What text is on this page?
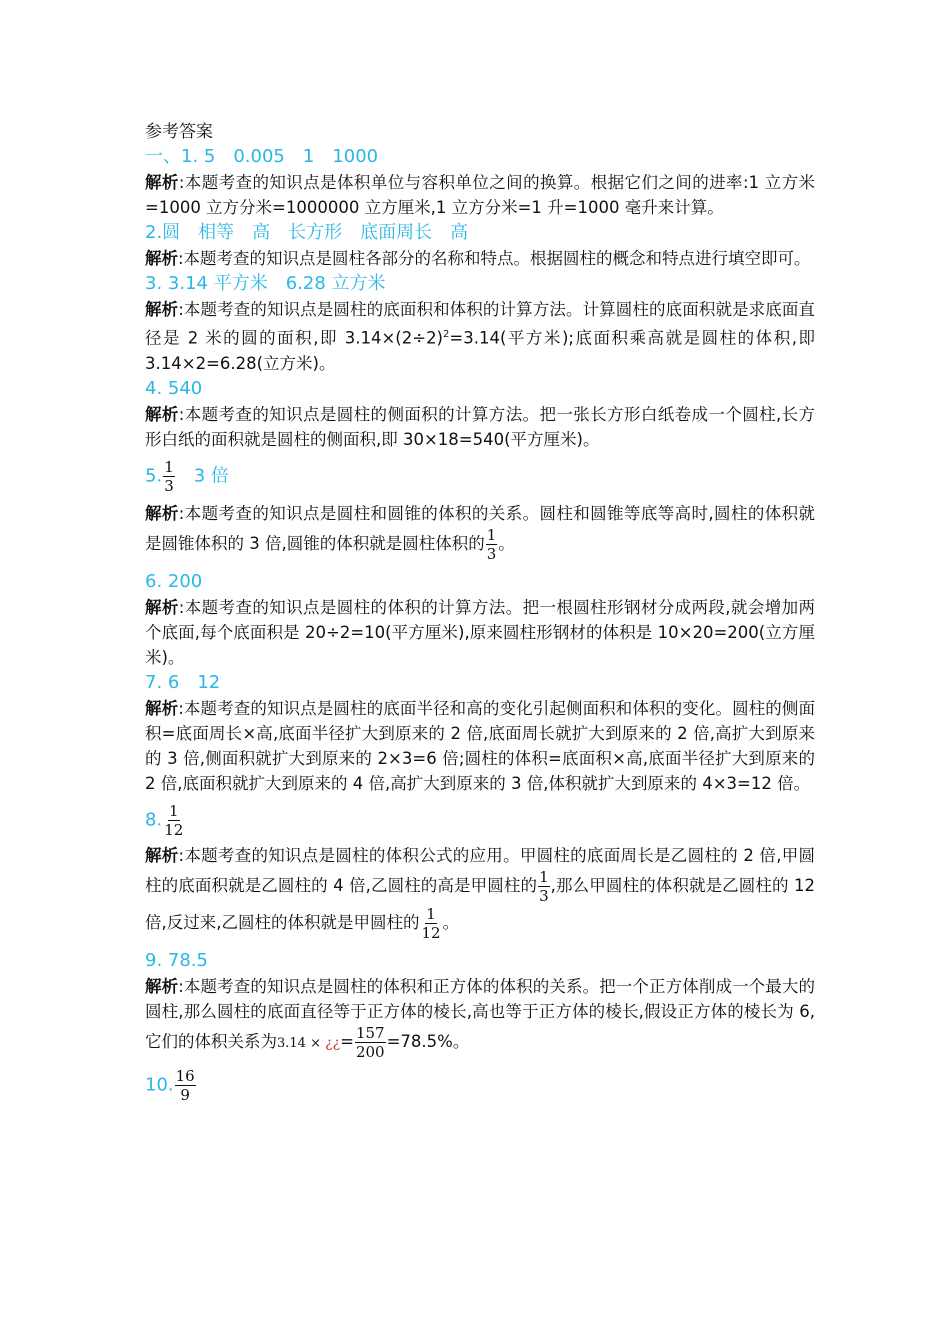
参考答案

一、1. 5　0.005　1　1000

解析:本题考查的知识点是体积单位与容积单位之间的换算。根据它们之间的进率:1 立方米=1000 立方分米=1000000 立方厘米,1 立方分米=1 升=1000 毫升来计算。

2.圆　相等　高　长方形　底面周长　高

解析:本题考查的知识点是圆柱各部分的名称和特点。根据圆柱的概念和特点进行填空即可。

3. 3.14 平方米　6.28 立方米

解析:本题考查的知识点是圆柱的底面积和体积的计算方法。计算圆柱的底面积就是求底面直径是 2 米的圆的面积,即 $3.14\times(2\div 2)^2=3.14$(平方米);底面积乘高就是圆柱的体积,即 3.14×2=6.28(立方米)。

4. 540

解析:本题考查的知识点是圆柱的侧面积的计算方法。把一张长方形白纸卷成一个圆柱,长方形白纸的面积就是圆柱的侧面积,即 30×18=540(平方厘米)。

5. $\frac{1}{3}$ 　3 倍

解析:本题考查的知识点是圆柱和圆锥的体积的关系。圆柱和圆锥等底等高时,圆柱的体积就是圆锥体积的 3 倍,圆锥的体积就是圆柱体积的 $\frac{1}{3}$ 。

6. 200

解析:本题考查的知识点是圆柱的体积的计算方法。把一根圆柱形钢材分成两段,就会增加两个底面,每个底面积是 20÷2=10(平方厘米),原来圆柱形钢材的体积是 10×20=200(立方厘米)。

7. 6　12

解析:本题考查的知识点是圆柱的底面半径和高的变化引起侧面积和体积的变化。圆柱的侧面积=底面周长×高,底面半径扩大到原来的 2 倍,底面周长就扩大到原来的 2 倍,高扩大到原来的 3 倍,侧面积就扩大到原来的 2×3=6 倍;圆柱的体积=底面积×高,底面半径扩大到原来的 2 倍,底面积就扩大到原来的 4 倍,高扩大到原来的 3 倍,体积就扩大到原来的 4×3=12 倍。

8. $\frac{1}{12}$

解析:本题考查的知识点是圆柱的体积公式的应用。甲圆柱的底面周长是乙圆柱的 2 倍,甲圆柱的底面积就是乙圆柱的 4 倍,乙圆柱的高是甲圆柱的 $\frac{1}{3}$ ,那么甲圆柱的体积就是乙圆柱的 12 倍,反过来,乙圆柱的体积就是甲圆柱的 $\frac{1}{12}$ 。

9. 78.5

解析:本题考查的知识点是圆柱的体积和正方体的体积的关系。把一个正方体削成一个最大的圆柱,那么圆柱的底面直径等于正方体的棱长,高也等于正方体的棱长,假设正方体的棱长为 6,它们的体积关系为3.14 × ¿¿= $\frac{157}{200} =78.5\%$。

10. $\frac{16}{9}$
